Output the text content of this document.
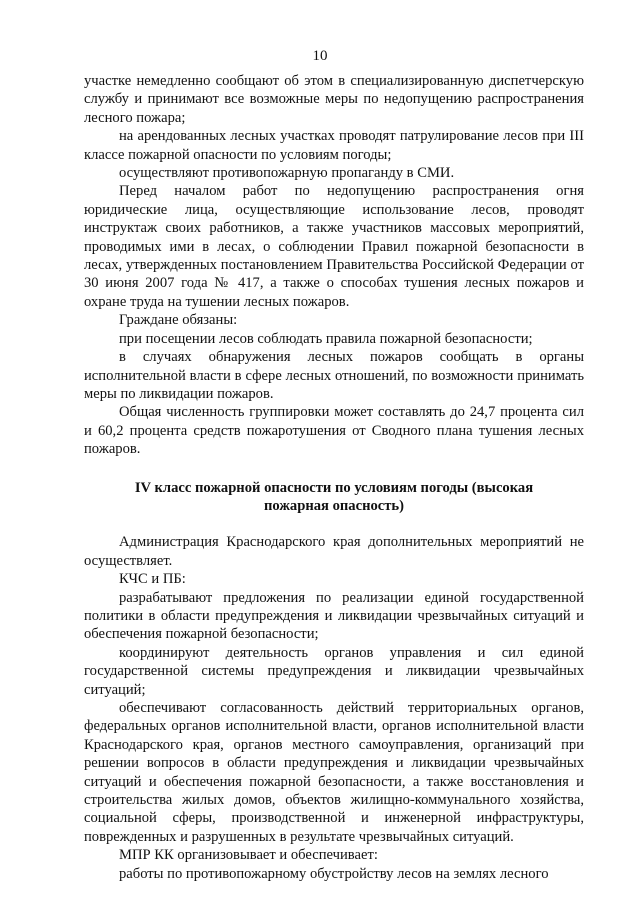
10

участке немедленно сообщают об этом в специализированную диспетчерскую службу и принимают все возможные меры по недопущению распространения лесного пожара;

на арендованных лесных участках проводят патрулирование лесов при III классе пожарной опасности по условиям погоды;

осуществляют противопожарную пропаганду в СМИ.

Перед началом работ по недопущению распространения огня юридические лица, осуществляющие использование лесов, проводят инструктаж своих работников, а также участников массовых мероприятий, проводимых ими в лесах, о соблюдении Правил пожарной безопасности в лесах, утвержденных постановлением Правительства Российской Федерации от 30 июня 2007 года № 417, а также о способах тушения лесных пожаров и охране труда на тушении лесных пожаров.

Граждане обязаны:

при посещении лесов соблюдать правила пожарной безопасности;

в случаях обнаружения лесных пожаров сообщать в органы исполнительной власти в сфере лесных отношений, по возможности принимать меры по ликвидации пожаров.

Общая численность группировки может составлять до 24,7 процента сил и 60,2 процента средств пожаротушения от Сводного плана тушения лесных пожаров.

IV класс пожарной опасности по условиям погоды (высокая пожарная опасность)

Администрация Краснодарского края дополнительных мероприятий не осуществляет.

КЧС и ПБ:

разрабатывают предложения по реализации единой государственной политики в области предупреждения и ликвидации чрезвычайных ситуаций и обеспечения пожарной безопасности;

координируют деятельность органов управления и сил единой государственной системы предупреждения и ликвидации чрезвычайных ситуаций;

обеспечивают согласованность действий территориальных органов, федеральных органов исполнительной власти, органов исполнительной власти Краснодарского края, органов местного самоуправления, организаций при решении вопросов в области предупреждения и ликвидации чрезвычайных ситуаций и обеспечения пожарной безопасности, а также восстановления и строительства жилых домов, объектов жилищно-коммунального хозяйства, социальной сферы, производственной и инженерной инфраструктуры, поврежденных и разрушенных в результате чрезвычайных ситуаций.

МПР КК организовывает и обеспечивает:

работы по противопожарному обустройству лесов на землях лесного
